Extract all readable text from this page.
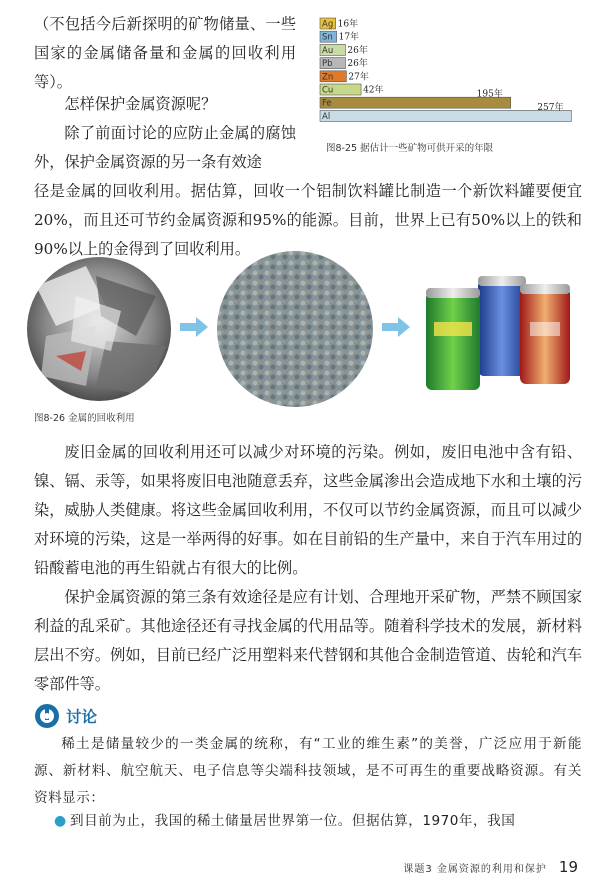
（不包括今后新探明的矿物储量、一些国家的金属储备量和金属的回收利用等）。

怎样保护金属资源呢？

除了前面讨论的应防止金属的腐蚀外，保护金属资源的另一条有效途

径是金属的回收利用。据估算，回收一个铝制饮料罐比制造一个新饮料罐要便宜20%，而且还可节约金属资源和95%的能源。目前，世界上已有50%以上的铁和90%以上的金得到了回收利用。

Ag 16年
Sn 17年
Au 26年
Pb 26年
Zn 27年
Cu	42年
Fe
195年
Al
257年
图8-25 据估计一些矿物可供开采的年限
图8-26 金属的回收利用

废旧金属的回收利用还可以减少对环境的污染。例如，废旧电池中含有铅、镍、镉、汞等，如果将废旧电池随意丢弃，这些金属渗出会造成地下水和土壤的污染，威胁人类健康。将这些金属回收利用，不仅可以节约金属资源，而且可以减少对环境的污染，这是一举两得的好事。如在目前铅的生产量中，来自于汽车用过的铅酸蓄电池的再生铅就占有很大的比例。

保护金属资源的第三条有效途径是应有计划、合理地开采矿物，严禁不顾国家利益的乱采矿。其他途径还有寻找金属的代用品等。随着科学技术的发展，新材料层出不穷。例如，目前已经广泛用塑料来代替钢和其他合金制造管道、齿轮和汽车零部件等。

讨论

稀土是储量较少的一类金属的统称，有“工业的维生素”的美誉，广泛应用于新能源、新材料、航空航天、电子信息等尖端科技领域，是不可再生的重要战略资源。有关资料显示：

● 到目前为止，我国的稀土储量居世界第一位。但据估算，1970年，我国

课题3 金属资源的利用和保护 19
